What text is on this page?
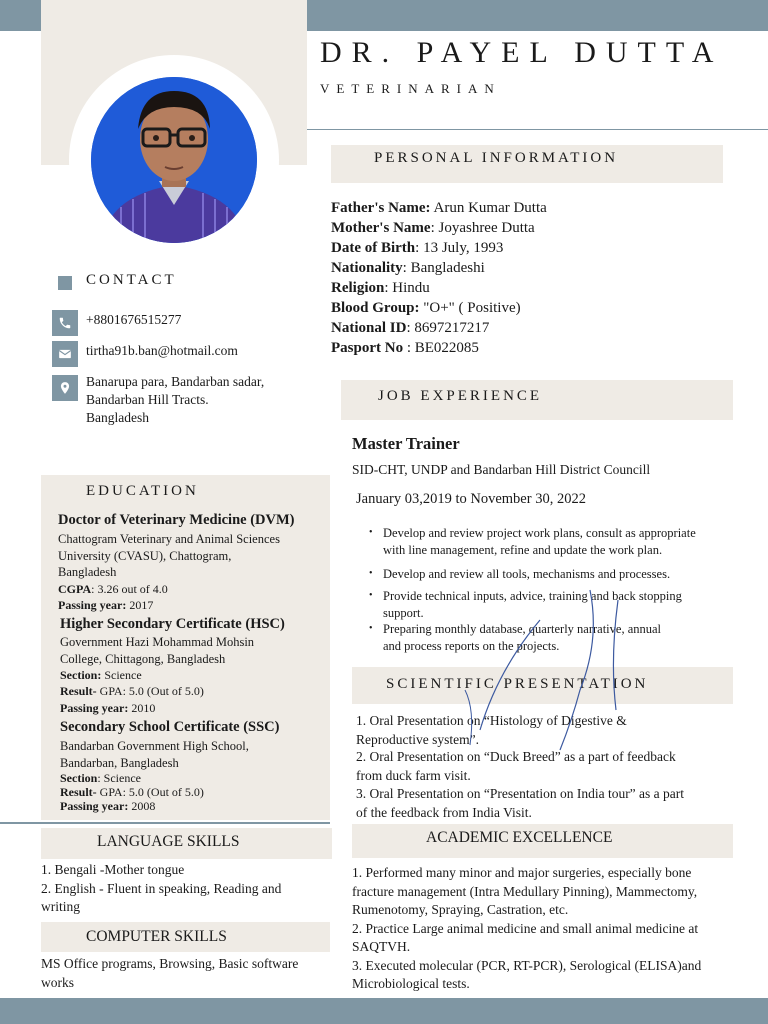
DR. PAYEL DUTTA
VETERINARIAN
PERSONAL INFORMATION
Father's Name: Arun Kumar Dutta
Mother's Name: Joyashree Dutta
Date of Birth: 13 July, 1993
Nationality: Bangladeshi
Religion: Hindu
Blood Group: "O+" ( Positive)
National ID: 8697217217
Pasport No : BE022085
CONTACT
+8801676515277
tirtha91b.ban@hotmail.com
Banarupa para, Bandarban sadar,
Bandarban Hill Tracts.
Bangladesh
JOB EXPERIENCE
Master Trainer
SID-CHT, UNDP and Bandarban Hill District Councill
January 03,2019 to November 30, 2022
• Develop and review project work plans, consult as appropriate
with line management, refine and update the work plan.
• Develop and review all tools, mechanisms and processes.
• Provide technical inputs, advice, training and back stopping
support.
• Preparing monthly database, quarterly narrative, annual
and process reports on the projects.
EDUCATION
Doctor of Veterinary Medicine (DVM)
Chattogram Veterinary and Animal Sciences
University (CVASU), Chattogram,
Bangladesh
CGPA: 3.26 out of 4.0
Passing year: 2017
Higher Secondary Certificate (HSC)
Government Hazi Mohammad Mohsin
College, Chittagong, Bangladesh
Section: Science
Result- GPA: 5.0 (Out of 5.0)
Passing year: 2010
Secondary School Certificate (SSC)
Bandarban Government High School,
Bandarban, Bangladesh
Section: Science
Result- GPA: 5.0 (Out of 5.0)
Passing year: 2008
SCIENTIFIC PRESENTATION
1. Oral Presentation on “Histology of Digestive &
Reproductive system”.
2. Oral Presentation on “Duck Breed” as a part of feedback
from duck farm visit.
3. Oral Presentation on “Presentation on India tour” as a part
of the feedback from India Visit.
LANGUAGE SKILLS
1. Bengali -Mother tongue
2. English - Fluent in speaking, Reading and
writing
COMPUTER SKILLS
MS Office programs, Browsing, Basic software
works
ACADEMIC EXCELLENCE
1. Performed many minor and major surgeries, especially bone
fracture management (Intra Medullary Pinning), Mammectomy,
Rumenotomy, Spraying, Castration, etc.
2. Practice Large animal medicine and small animal medicine at
SAQTVH.
3. Executed molecular (PCR, RT-PCR), Serological (ELISA)and
Microbiological tests.
